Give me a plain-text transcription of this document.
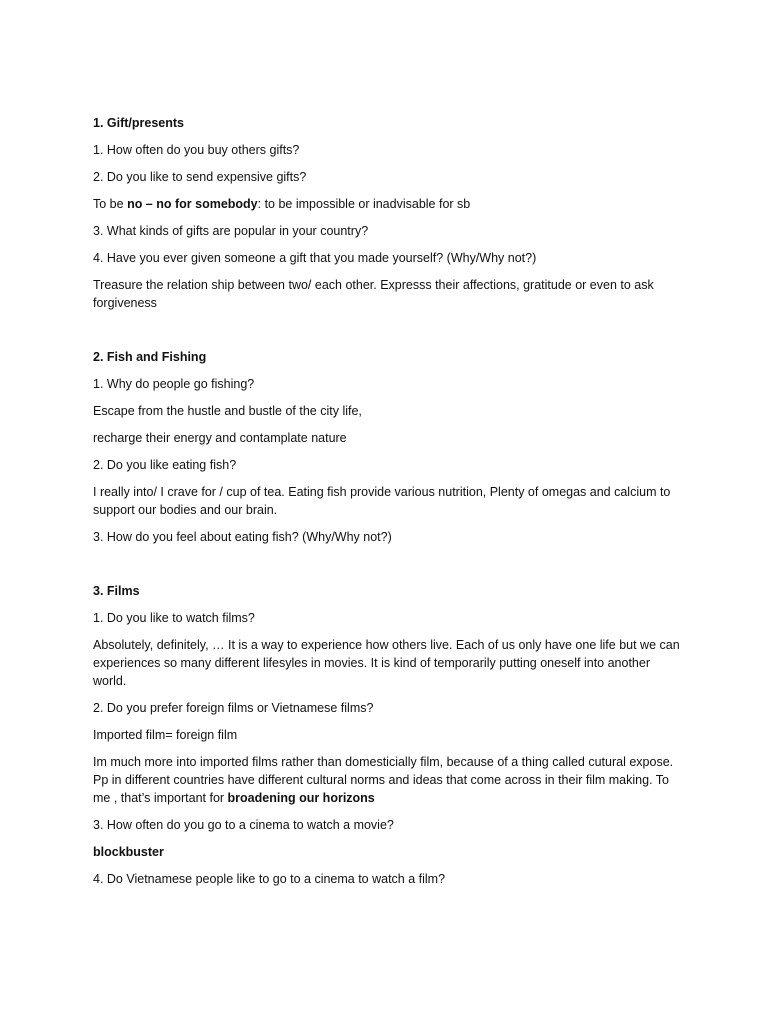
1. Gift/presents

1. How often do you buy others gifts?

2. Do you like to send expensive gifts?

To be no – no for somebody: to be impossible or inadvisable for sb

3. What kinds of gifts are popular in your country?

4. Have you ever given someone a gift that you made yourself? (Why/Why not?)

Treasure the relation ship between two/ each other. Expresss their affections, gratitude or even to ask forgiveness

2. Fish and Fishing

1. Why do people go fishing?

Escape from the hustle and bustle of the city life,

recharge their energy and contamplate nature

2. Do you like eating fish?

I really into/ I crave for / cup of tea. Eating fish provide various nutrition, Plenty of omegas and calcium to support our bodies and our brain.

3. How do you feel about eating fish? (Why/Why not?)

3. Films

1. Do you like to watch films?

Absolutely, definitely, … It is a way to experience how others live. Each of us only have one life but we can experiences so many different lifesyles in movies. It is kind of temporarily putting oneself into another world.

2. Do you prefer foreign films or Vietnamese films?

Imported film= foreign film

Im much more into imported films rather than domesticially film, because of a thing called cutural expose. Pp in different countries have different cultural norms and ideas that come across in their film making. To me , that’s important for broadening our horizons

3. How often do you go to a cinema to watch a movie?

blockbuster

4. Do Vietnamese people like to go to a cinema to watch a film?
